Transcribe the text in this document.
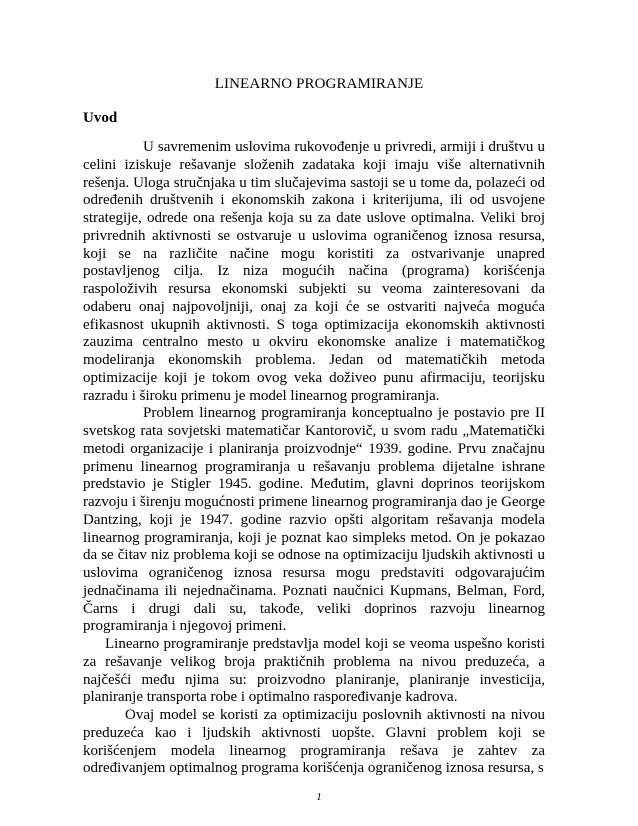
LINEARNO PROGRAMIRANJE
Uvod

U savremenim uslovima rukovođenje u privredi, armiji i društvu u celini iziskuje rešavanje složenih zadataka koji imaju više alternativnih rešenja. Uloga stručnjaka u tim slučajevima sastoji se u tome da, polazeći od određenih društvenih i ekonomskih zakona i kriterijuma, ili od usvojene strategije, odrede ona rešenja koja su za date uslove optimalna. Veliki broj privrednih aktivnosti se ostvaruje u uslovima ograničenog iznosa resursa, koji se na različite načine mogu koristiti za ostvarivanje unapred postavljenog cilja. Iz niza mogućih načina (programa) korišćenja raspoloživih resursa ekonomski subjekti su veoma zainteresovani da odaberu onaj najpovoljniji, onaj za koji će se ostvariti najveća moguća efikasnost ukupnih aktivnosti. S toga optimizacija ekonomskih aktivnosti zauzima centralno mesto u okviru ekonomske analize i matematičkog modeliranja ekonomskih problema. Jedan od matematičkih metoda optimizacije koji je tokom ovog veka doživeo punu afirmaciju, teorijsku razradu i široku primenu je model linearnog programiranja.

Problem linearnog programiranja konceptualno je postavio pre II svetskog rata sovjetski matematičar Kantorovič, u svom radu „Matematički metodi organizacije i planiranja proizvodnje“ 1939. godine. Prvu značajnu primenu linearnog programiranja u rešavanju problema dijetalne ishrane predstavio je Stigler 1945. godine. Međutim, glavni doprinos teorijskom razvoju i širenju mogućnosti primene linearnog programiranja dao je George Dantzing, koji je 1947. godine razvio opšti algoritam rešavanja modela linearnog programiranja, koji je poznat kao simpleks metod. On je pokazao da se čitav niz problema koji se odnose na optimizaciju ljudskih aktivnosti u uslovima ograničenog iznosa resursa mogu predstaviti odgovarajućim jednačinama ili nejednačinama. Poznati naučnici Kupmans, Belman, Ford, Čarns i drugi dali su, takođe, veliki doprinos razvoju linearnog programiranja i njegovoj primeni.

Linearno programiranje predstavlja model koji se veoma uspešno koristi za rešavanje velikog broja praktičnih problema na nivou preduzeća, a najčešći među njima su: proizvodno planiranje, planiranje investicija, planiranje transporta robe i optimalno raspoređivanje kadrova.

Ovaj model se koristi za optimizaciju poslovnih aktivnosti na nivou preduzeća kao i ljudskih aktivnosti uopšte. Glavni problem koji se korišćenjem modela linearnog programiranja rešava je zahtev za određivanjem optimalnog programa korišćenja ograničenog iznosa resursa, s

1
